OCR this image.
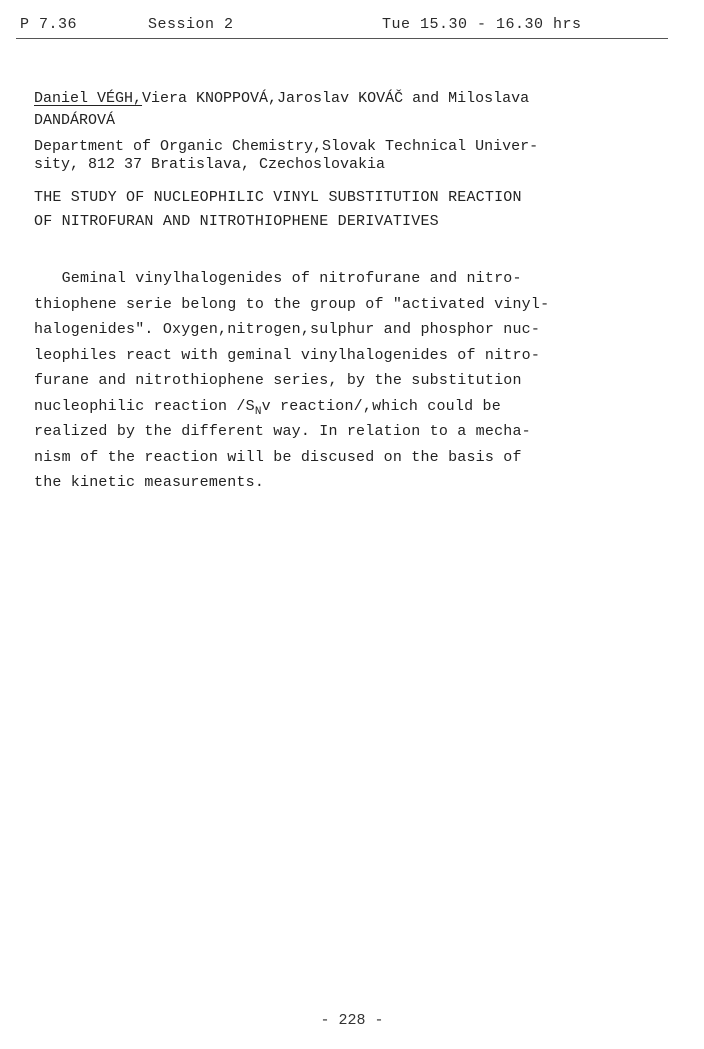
P 7.36	Session 2	Tue 15.30 - 16.30 hrs
Daniel VÉGH,Viera KNOPPOVÁ,Jaroslav KOVÁČ and Miloslava
DANDÁROVÁ
Department of Organic Chemistry,Slovak Technical Univer-
sity, 812 37 Bratislava, Czechoslovakia
THE STUDY OF NUCLEOPHILIC VINYL SUBSTITUTION REACTION
OF NITROFURAN AND NITROTHIOPHENE DERIVATIVES
Geminal vinylhalogenides of nitrofurane and nitro-
thiophene serie belong to the group of "activated vinyl-
halogenides". Oxygen,nitrogen,sulphur and phosphor nuc-
leophiles react with geminal vinylhalogenides of nitro-
furane and nitrothiophene series, by the substitution
nucleophilic reaction $/S_Nv$ reaction/,which could be
realized by the different way. In relation to a mecha-
nism of the reaction will be discused on the basis of
the kinetic measurements.
- 228 -
